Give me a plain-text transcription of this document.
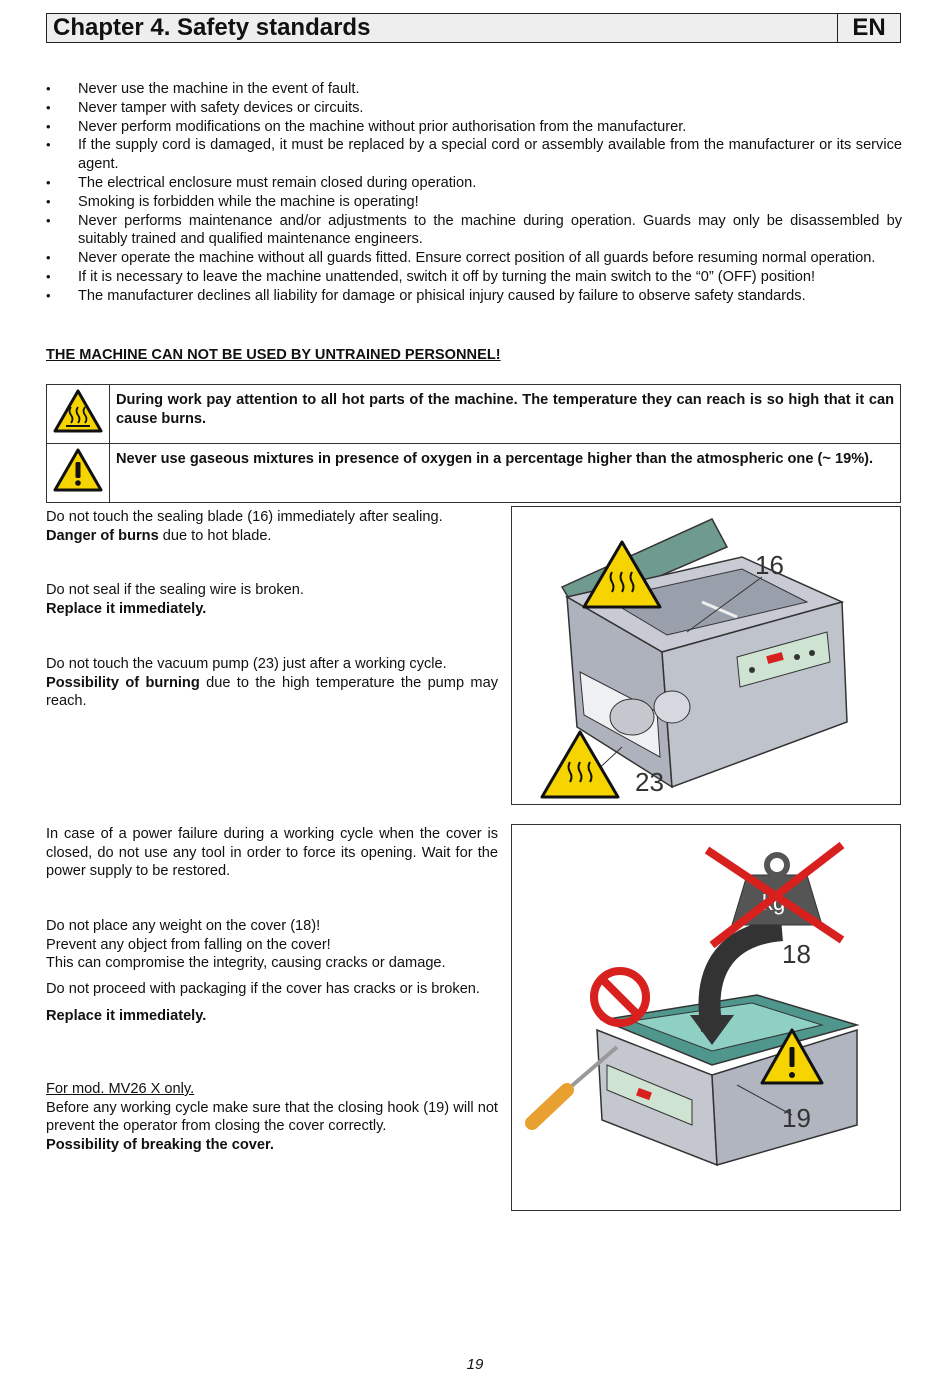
Chapter 4. Safety standards	EN
• Never use the machine in the event of fault.
• Never tamper with safety devices or circuits.
• Never perform modifications on the machine without prior authorisation from the manufacturer.
• If the supply cord is damaged, it must be replaced by a special cord or assembly available from the manufacturer or its service agent.
• The electrical enclosure must remain closed during operation.
• Smoking is forbidden while the machine is operating!
• Never performs maintenance and/or adjustments to the machine during operation. Guards may only be disassembled by suitably trained and qualified maintenance engineers.
• Never operate the machine without all guards fitted. Ensure correct position of all guards before resuming normal operation.
• If it is necessary to leave the machine unattended, switch it off by turning the main switch to the “0” (OFF) position!
• The manufacturer declines all liability for damage or phisical injury caused by failure to observe safety standards.
THE MACHINE CAN NOT BE USED BY UNTRAINED PERSONNEL!
	During work pay attention to all hot parts of the machine. The temperature they can reach is so high that it can cause burns.
	Never use gaseous mixtures in presence of oxygen in a percentage higher than the atmospheric one (~ 19%).
Do not touch the sealing blade (16) immediately after sealing.
Danger of burns due to hot blade.
Do not seal if the sealing wire is broken.
Replace it immediately.
Do not touch the vacuum pump (23) just after a working cycle.
Possibility of burning due to the high temperature the pump may reach.
16
23
In case of a power failure during a working cycle when the cover is closed, do not use any tool in order to force its opening. Wait for the power supply to be restored.
Do not place any weight on the cover (18)!
Prevent any object from falling on the cover!
This can compromise the integrity, causing cracks or damage.
Do not proceed with packaging if the cover has cracks or is broken.
Replace it immediately.
For mod. MV26 X only.
Before any working cycle make sure that the closing hook (19) will not prevent the operator from closing the cover correctly.
Possibility of breaking the cover.
18
19
19
